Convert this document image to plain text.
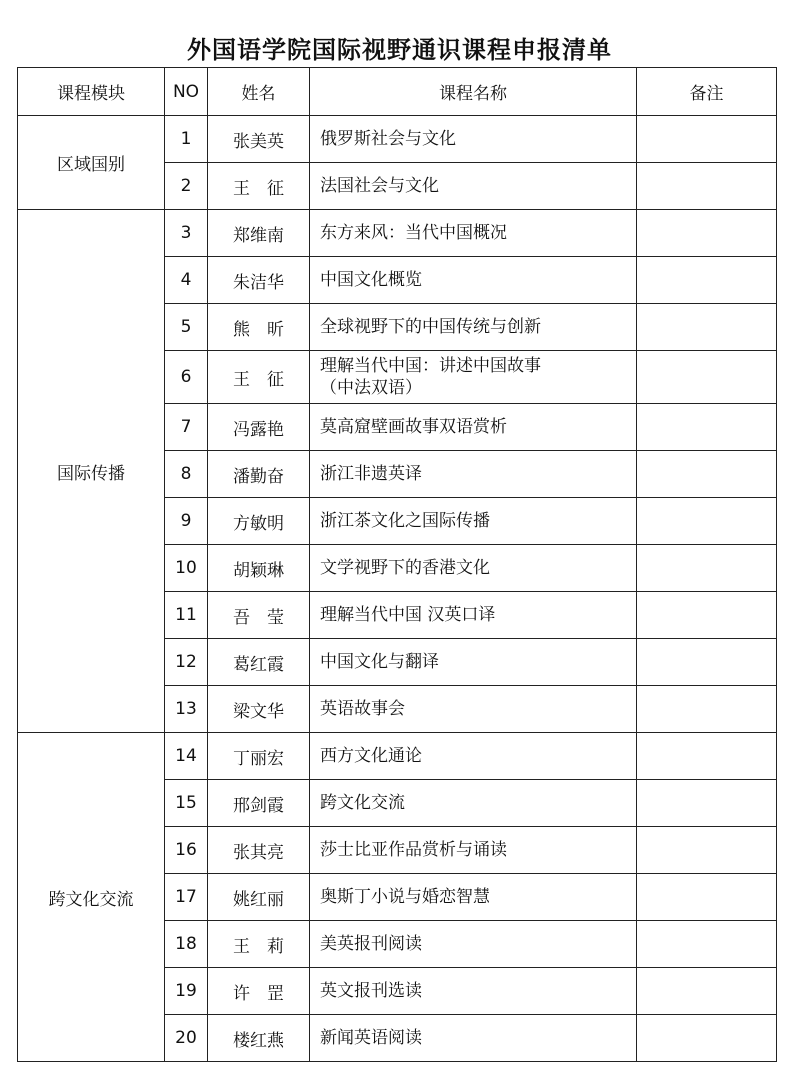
外国语学院国际视野通识课程申报清单
课程模块	NO	姓名	课程名称	备注
区域国别	1	张美英	俄罗斯社会与文化	
	2	王　征	法国社会与文化	
国际传播	3	郑维南	东方来风：当代中国概况	
	4	朱洁华	中国文化概览	
	5	熊　昕	全球视野下的中国传统与创新	
	6	王　征	理解当代中国：讲述中国故事
（中法双语）	
	7	冯露艳	莫高窟壁画故事双语赏析	
	8	潘勤奋	浙江非遗英译	
	9	方敏明	浙江茶文化之国际传播	
	10	胡颖琳	文学视野下的香港文化	
	11	吾　莹	理解当代中国 汉英口译	
	12	葛红霞	中国文化与翻译	
	13	梁文华	英语故事会	
跨文化交流	14	丁丽宏	西方文化通论	
	15	邢剑霞	跨文化交流	
	16	张其亮	莎士比亚作品赏析与诵读	
	17	姚红丽	奥斯丁小说与婚恋智慧	
	18	王　莉	美英报刊阅读	
	19	许　罡	英文报刊选读	
	20	楼红燕	新闻英语阅读	
